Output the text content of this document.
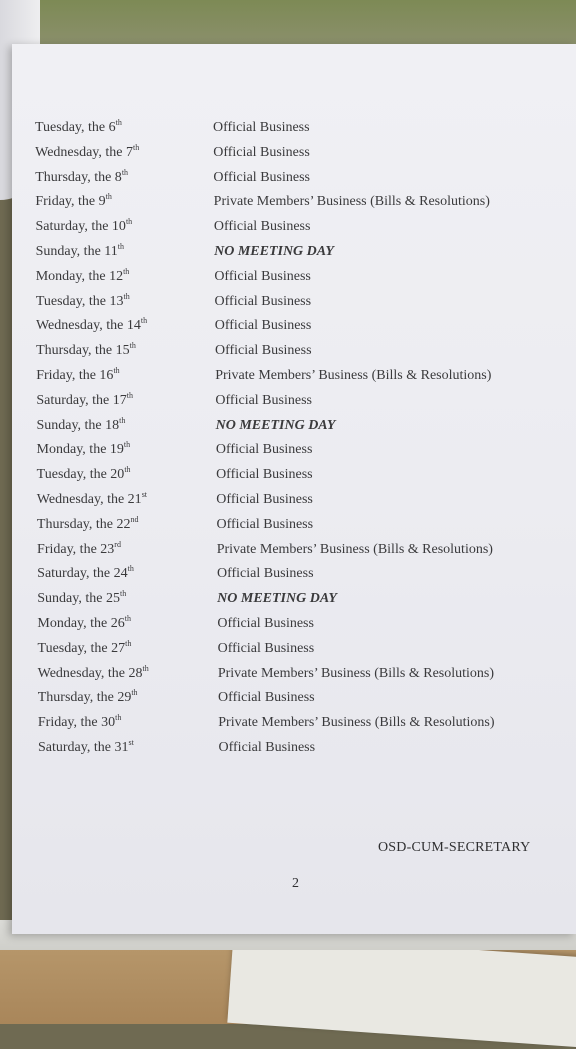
Tuesday, the 6th	Official Business
Wednesday, the 7th	Official Business
Thursday, the 8th	Official Business
Friday, the 9th	Private Members’ Business (Bills & Resolutions)
Saturday, the 10th	Official Business
Sunday, the 11th	NO MEETING DAY
Monday, the 12th	Official Business
Tuesday, the 13th	Official Business
Wednesday, the 14th	Official Business
Thursday, the 15th	Official Business
Friday, the 16th	Private Members’ Business (Bills & Resolutions)
Saturday, the 17th	Official Business
Sunday, the 18th	NO MEETING DAY
Monday, the 19th	Official Business
Tuesday, the 20th	Official Business
Wednesday, the 21st	Official Business
Thursday, the 22nd	Official Business
Friday, the 23rd	Private Members’ Business (Bills & Resolutions)
Saturday, the 24th	Official Business
Sunday, the 25th	NO MEETING DAY
Monday, the 26th	Official Business
Tuesday, the 27th	Official Business
Wednesday, the 28th	Private Members’ Business (Bills & Resolutions)
Thursday, the 29th	Official Business
Friday, the 30th	Private Members’ Business (Bills & Resolutions)
Saturday, the 31st	Official Business
OSD-CUM-SECRETARY
2
